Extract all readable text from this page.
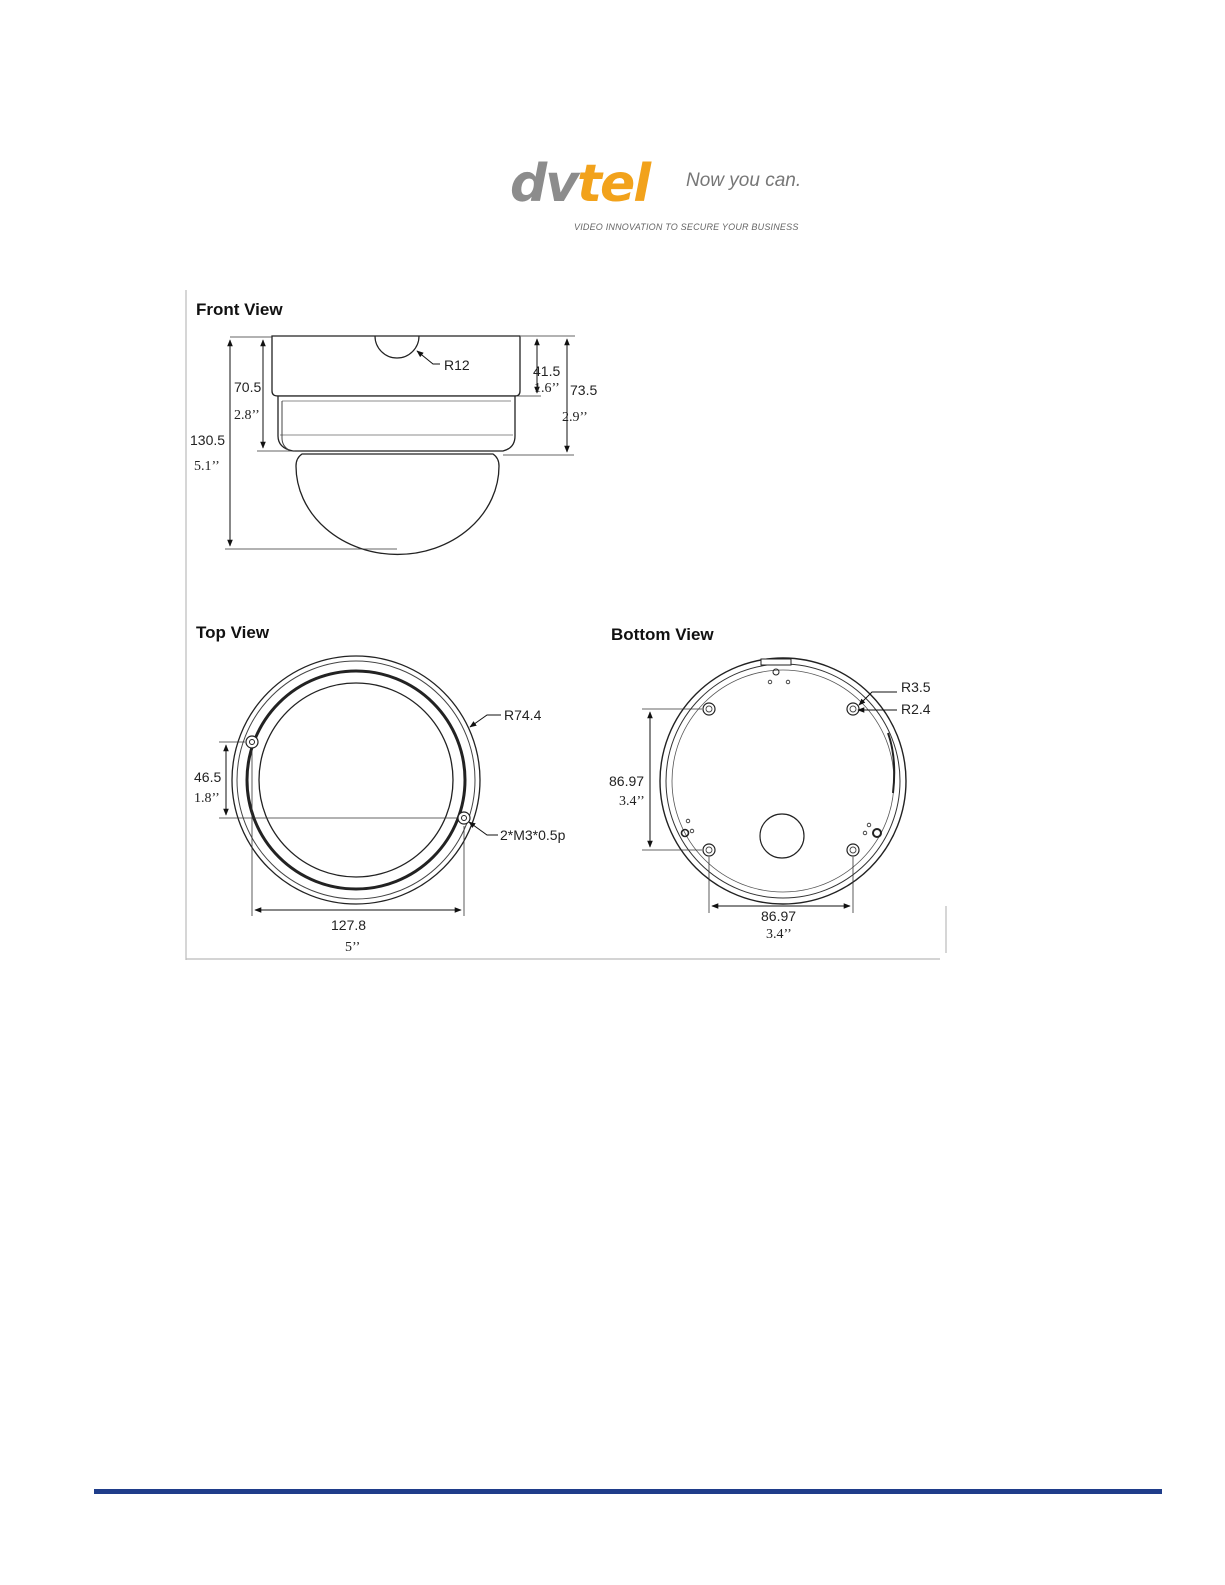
dvtel Now you can.
VIDEO INNOVATION TO SECURE YOUR BUSINESS
Front View
R12
130.5
5.1’’
70.5
2.8’’
41.5
1.6’’ 73.5
2.9’’
Top View
R74.4
2*M3*0.5p
46.5
1.8’’
127.8
5’’
Bottom View
R3.5
R2.4
86.97
3.4’’
86.97
3.4’’
